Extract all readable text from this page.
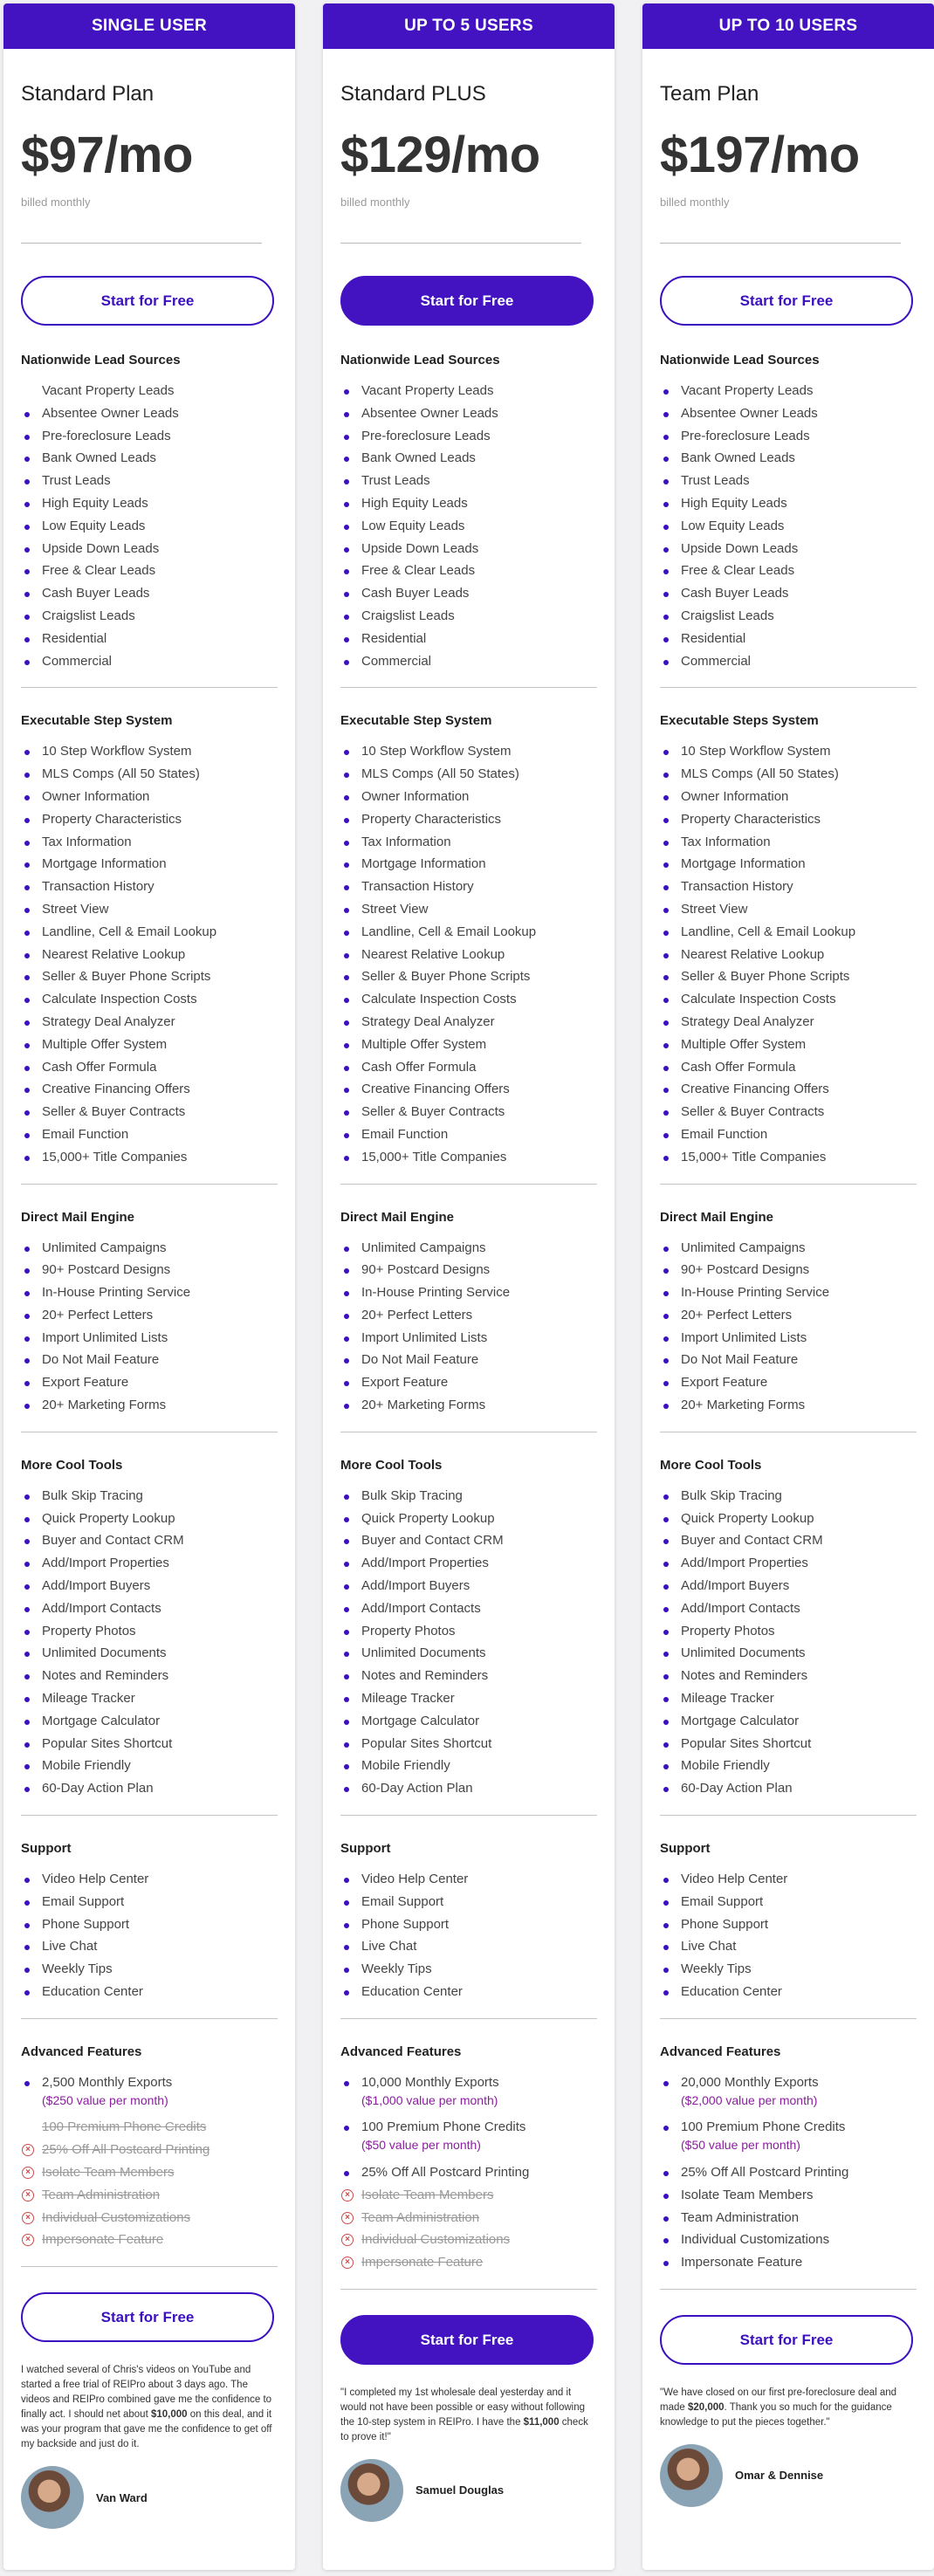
SINGLE USER
Standard Plan
$97/mo
billed monthly
Start for Free
Nationwide Lead Sources
Vacant Property Leads
Absentee Owner Leads
Pre-foreclosure Leads
Bank Owned Leads
Trust Leads
High Equity Leads
Low Equity Leads
Upside Down Leads
Free & Clear Leads
Cash Buyer Leads
Craigslist Leads
Residential
Commercial
Executable Step System
10 Step Workflow System
MLS Comps (All 50 States)
Owner Information
Property Characteristics
Tax Information
Mortgage Information
Transaction History
Street View
Landline, Cell & Email Lookup
Nearest Relative Lookup
Seller & Buyer Phone Scripts
Calculate Inspection Costs
Strategy Deal Analyzer
Multiple Offer System
Cash Offer Formula
Creative Financing Offers
Seller & Buyer Contracts
Email Function
15,000+ Title Companies
Direct Mail Engine
Unlimited Campaigns
90+ Postcard Designs
In-House Printing Service
20+ Perfect Letters
Import Unlimited Lists
Do Not Mail Feature
Export Feature
20+ Marketing Forms
More Cool Tools
Bulk Skip Tracing
Quick Property Lookup
Buyer and Contact CRM
Add/Import Properties
Add/Import Buyers
Add/Import Contacts
Property Photos
Unlimited Documents
Notes and Reminders
Mileage Tracker
Mortgage Calculator
Popular Sites Shortcut
Mobile Friendly
60-Day Action Plan
Support
Video Help Center
Email Support
Phone Support
Live Chat
Weekly Tips
Education Center
Advanced Features
2,500 Monthly Exports
($250 value per month)
100 Premium Phone Credits
× 25% Off All Postcard Printing
× Isolate Team Members
× Team Administration
× Individual Customizations
× Impersonate Feature
Start for Free
I watched several of Chris's videos on YouTube and started a free trial of REIPro about 3 days ago. The videos and REIPro combined gave me the confidence to finally act. I should net about $10,000 on this deal, and it was your program that gave me the confidence to get off my backside and just do it.
Van Ward
UP TO 5 USERS
Standard PLUS
$129/mo
billed monthly
Start for Free
Nationwide Lead Sources
Vacant Property Leads
Absentee Owner Leads
Pre-foreclosure Leads
Bank Owned Leads
Trust Leads
High Equity Leads
Low Equity Leads
Upside Down Leads
Free & Clear Leads
Cash Buyer Leads
Craigslist Leads
Residential
Commercial
Executable Step System
10 Step Workflow System
MLS Comps (All 50 States)
Owner Information
Property Characteristics
Tax Information
Mortgage Information
Transaction History
Street View
Landline, Cell & Email Lookup
Nearest Relative Lookup
Seller & Buyer Phone Scripts
Calculate Inspection Costs
Strategy Deal Analyzer
Multiple Offer System
Cash Offer Formula
Creative Financing Offers
Seller & Buyer Contracts
Email Function
15,000+ Title Companies
Direct Mail Engine
Unlimited Campaigns
90+ Postcard Designs
In-House Printing Service
20+ Perfect Letters
Import Unlimited Lists
Do Not Mail Feature
Export Feature
20+ Marketing Forms
More Cool Tools
Bulk Skip Tracing
Quick Property Lookup
Buyer and Contact CRM
Add/Import Properties
Add/Import Buyers
Add/Import Contacts
Property Photos
Unlimited Documents
Notes and Reminders
Mileage Tracker
Mortgage Calculator
Popular Sites Shortcut
Mobile Friendly
60-Day Action Plan
Support
Video Help Center
Email Support
Phone Support
Live Chat
Weekly Tips
Education Center
Advanced Features
10,000 Monthly Exports
($1,000 value per month)
100 Premium Phone Credits
($50 value per month)
25% Off All Postcard Printing
× Isolate Team Members
× Team Administration
× Individual Customizations
× Impersonate Feature
Start for Free
"I completed my 1st wholesale deal yesterday and it would not have been possible or easy without following the 10-step system in REIPro. I have the $11,000 check to prove it!"
Samuel Douglas
UP TO 10 USERS
Team Plan
$197/mo
billed monthly
Start for Free
Nationwide Lead Sources
Vacant Property Leads
Absentee Owner Leads
Pre-foreclosure Leads
Bank Owned Leads
Trust Leads
High Equity Leads
Low Equity Leads
Upside Down Leads
Free & Clear Leads
Cash Buyer Leads
Craigslist Leads
Residential
Commercial
Executable Steps System
10 Step Workflow System
MLS Comps (All 50 States)
Owner Information
Property Characteristics
Tax Information
Mortgage Information
Transaction History
Street View
Landline, Cell & Email Lookup
Nearest Relative Lookup
Seller & Buyer Phone Scripts
Calculate Inspection Costs
Strategy Deal Analyzer
Multiple Offer System
Cash Offer Formula
Creative Financing Offers
Seller & Buyer Contracts
Email Function
15,000+ Title Companies
Direct Mail Engine
Unlimited Campaigns
90+ Postcard Designs
In-House Printing Service
20+ Perfect Letters
Import Unlimited Lists
Do Not Mail Feature
Export Feature
20+ Marketing Forms
More Cool Tools
Bulk Skip Tracing
Quick Property Lookup
Buyer and Contact CRM
Add/Import Properties
Add/Import Buyers
Add/Import Contacts
Property Photos
Unlimited Documents
Notes and Reminders
Mileage Tracker
Mortgage Calculator
Popular Sites Shortcut
Mobile Friendly
60-Day Action Plan
Support
Video Help Center
Email Support
Phone Support
Live Chat
Weekly Tips
Education Center
Advanced Features
20,000 Monthly Exports
($2,000 value per month)
100 Premium Phone Credits
($50 value per month)
25% Off All Postcard Printing
Isolate Team Members
Team Administration
Individual Customizations
Impersonate Feature
Start for Free
"We have closed on our first pre-foreclosure deal and made $20,000. Thank you so much for the guidance knowledge to put the pieces together."
Omar & Dennise
